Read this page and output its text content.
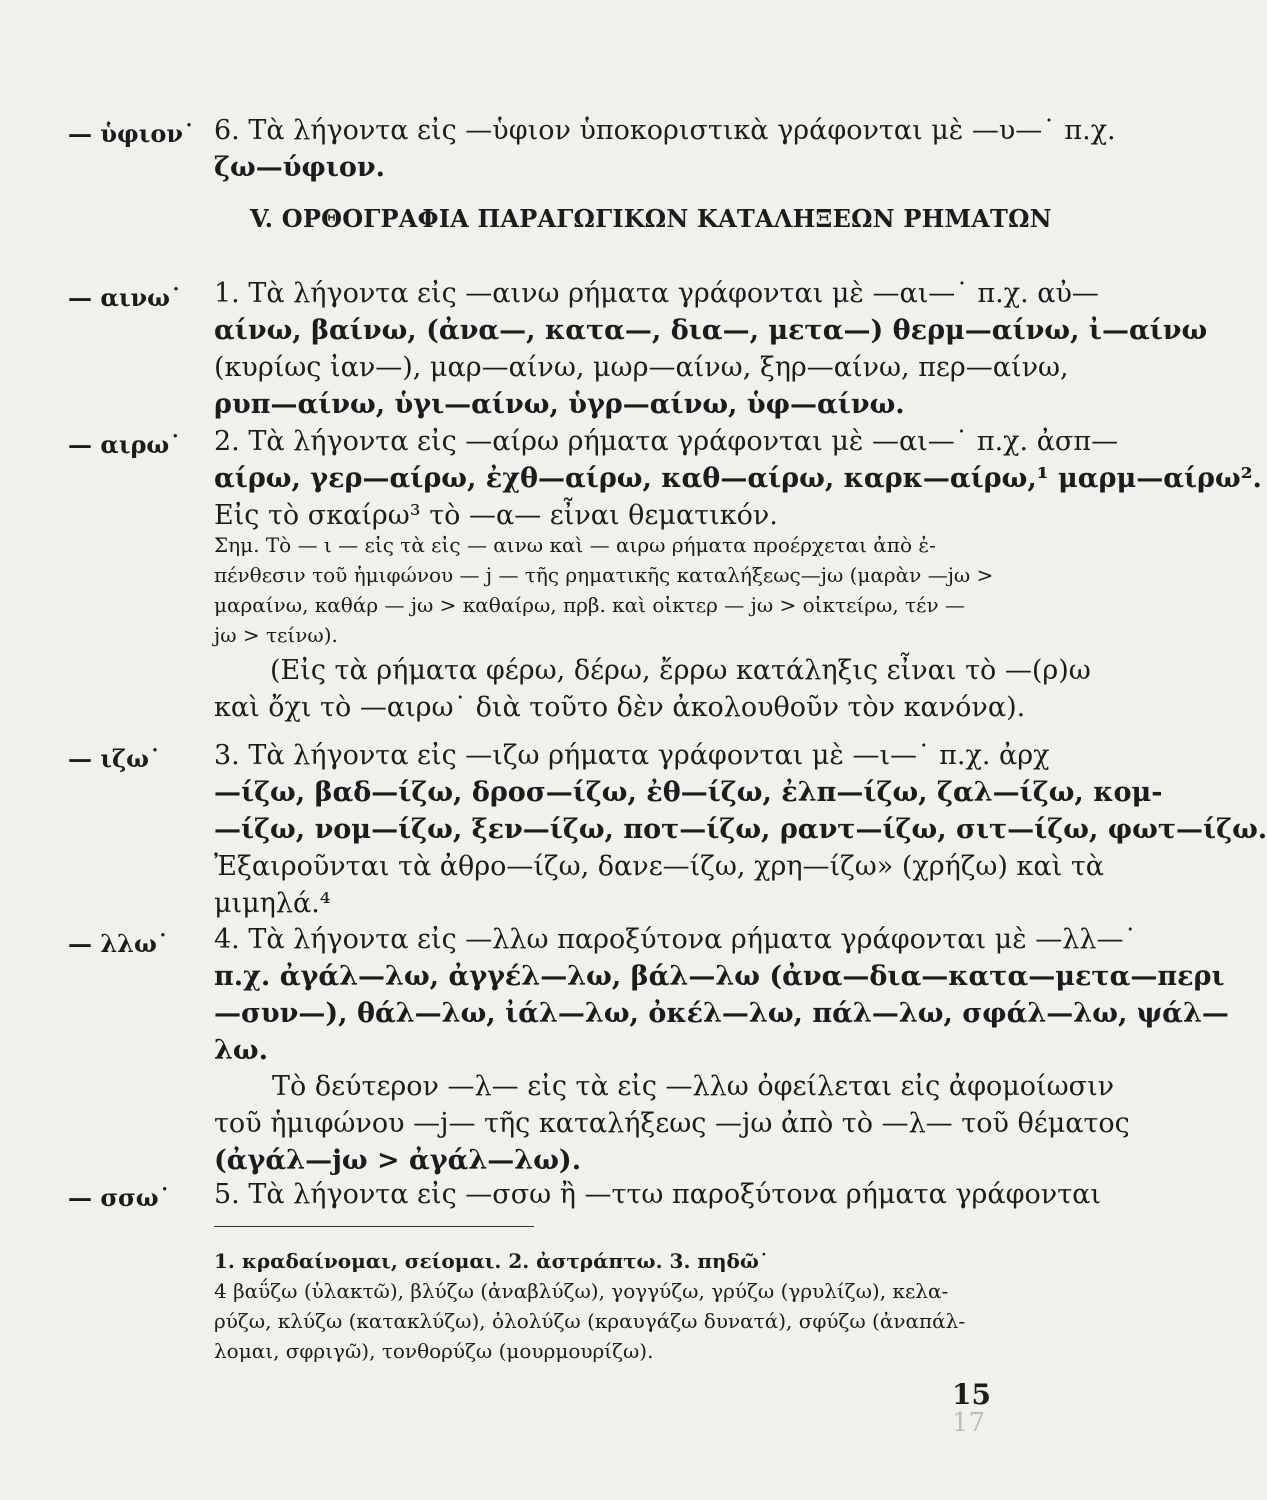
— ὑφιον˙ 6. Τὰ λήγοντα εἰς —ὑφιον ὑποκοριστικὰ γράφονται μὲ —υ—˙ π.χ.
ζω—ύφιον.
V. ΟΡΘΟΓΡΑΦΙΑ ΠΑΡΑΓΩΓΙΚΩΝ ΚΑΤΑΛΗΞΕΩΝ ΡΗΜΑΤΩΝ
— αινω˙	1. Τὰ λήγοντα εἰς —αινω ρήματα γράφονται μὲ —αι—˙ π.χ. αὐ—
αίνω, βαίνω, (ἀνα—, κατα—, δια—, μετα—) θερμ—αίνω, ἰ—αίνω
(κυρίως ἰαν—), μαρ—αίνω, μωρ—αίνω, ξηρ—αίνω, περ—αίνω,
ρυπ—αίνω, ὑγι—αίνω, ὑγρ—αίνω, ὑφ—αίνω.
— αιρω˙	2. Τὰ λήγοντα εἰς —αίρω ρήματα γράφονται μὲ —αι—˙ π.χ. ἀσπ—
αίρω, γερ—αίρω, ἐχθ—αίρω, καθ—αίρω, καρκ—αίρω,¹ μαρμ—αίρω².
Εἰς τὸ σκαίρω³ τὸ —α— εἶναι θεματικόν.
Σημ. Τὸ — ι — εἰς τὰ εἰς — αινω καὶ — αιρω ρήματα προέρχεται ἀπὸ ἐ-
πένθεσιν τοῦ ἡμιφώνου — j — τῆς ρηματικῆς καταλήξεως—jω (μαρὰν —jω >
μαραίνω, καθάρ — jω > καθαίρω, πρβ. καὶ οἰκτερ — jω > οἰκτείρω, τέν —
jω > τείνω).
(Εἰς τὰ ρήματα φέρω, δέρω, ἔρρω κατάληξις εἶναι τὸ —(ρ)ω
καὶ ὄχι τὸ —αιρω˙ διὰ τοῦτο δὲν ἀκολουθοῦν τὸν κανόνα).
— ιζω˙	3. Τὰ λήγοντα εἰς —ιζω ρήματα γράφονται μὲ —ι—˙ π.χ. ἀρχ
—ίζω, βαδ—ίζω, δροσ—ίζω, ἐθ—ίζω, ἐλπ—ίζω, ζαλ—ίζω, κομ-
—ίζω, νομ—ίζω, ξεν—ίζω, ποτ—ίζω, ραντ—ίζω, σιτ—ίζω, φωτ—ίζω.
Ἐξαιροῦνται τὰ ἀθρο—ίζω, δανε—ίζω, χρη—ίζω» (χρήζω) καὶ τὰ
μιμηλά.⁴
— λλω˙	4. Τὰ λήγοντα εἰς —λλω παροξύτονα ρήματα γράφονται μὲ —λλ—˙
π.χ. ἀγάλ—λω, ἀγγέλ—λω, βάλ—λω (ἀνα—δια—κατα—μετα—περι
—συν—), θάλ—λω, ἰάλ—λω, ὀκέλ—λω, πάλ—λω, σφάλ—λω, ψάλ—
λω.
Τὸ δεύτερον —λ— εἰς τὰ εἰς —λλω ὀφείλεται εἰς ἀφομοίωσιν
τοῦ ἡμιφώνου —j— τῆς καταλήξεως —jω ἀπὸ τὸ —λ— τοῦ θέματος
(ἀγάλ—jω > ἀγάλ—λω).
— σσω˙	5. Τὰ λήγοντα εἰς —σσω ἢ —ττω παροξύτονα ρήματα γράφονται
1. κραδαίνομαι, σείομαι. 2. ἀστράπτω. 3. πηδῶ˙
4 βαΰζω (ὑλακτῶ), βλύζω (ἀναβλύζω), γογγύζω, γρύζω (γρυλίζω), κελα-
ρύζω, κλύζω (κατακλύζω), ὀλολύζω (κραυγάζω δυνατά), σφύζω (ἀναπάλ-
λομαι, σφριγῶ), τονθορύζω (μουρμουρίζω).
15
17
